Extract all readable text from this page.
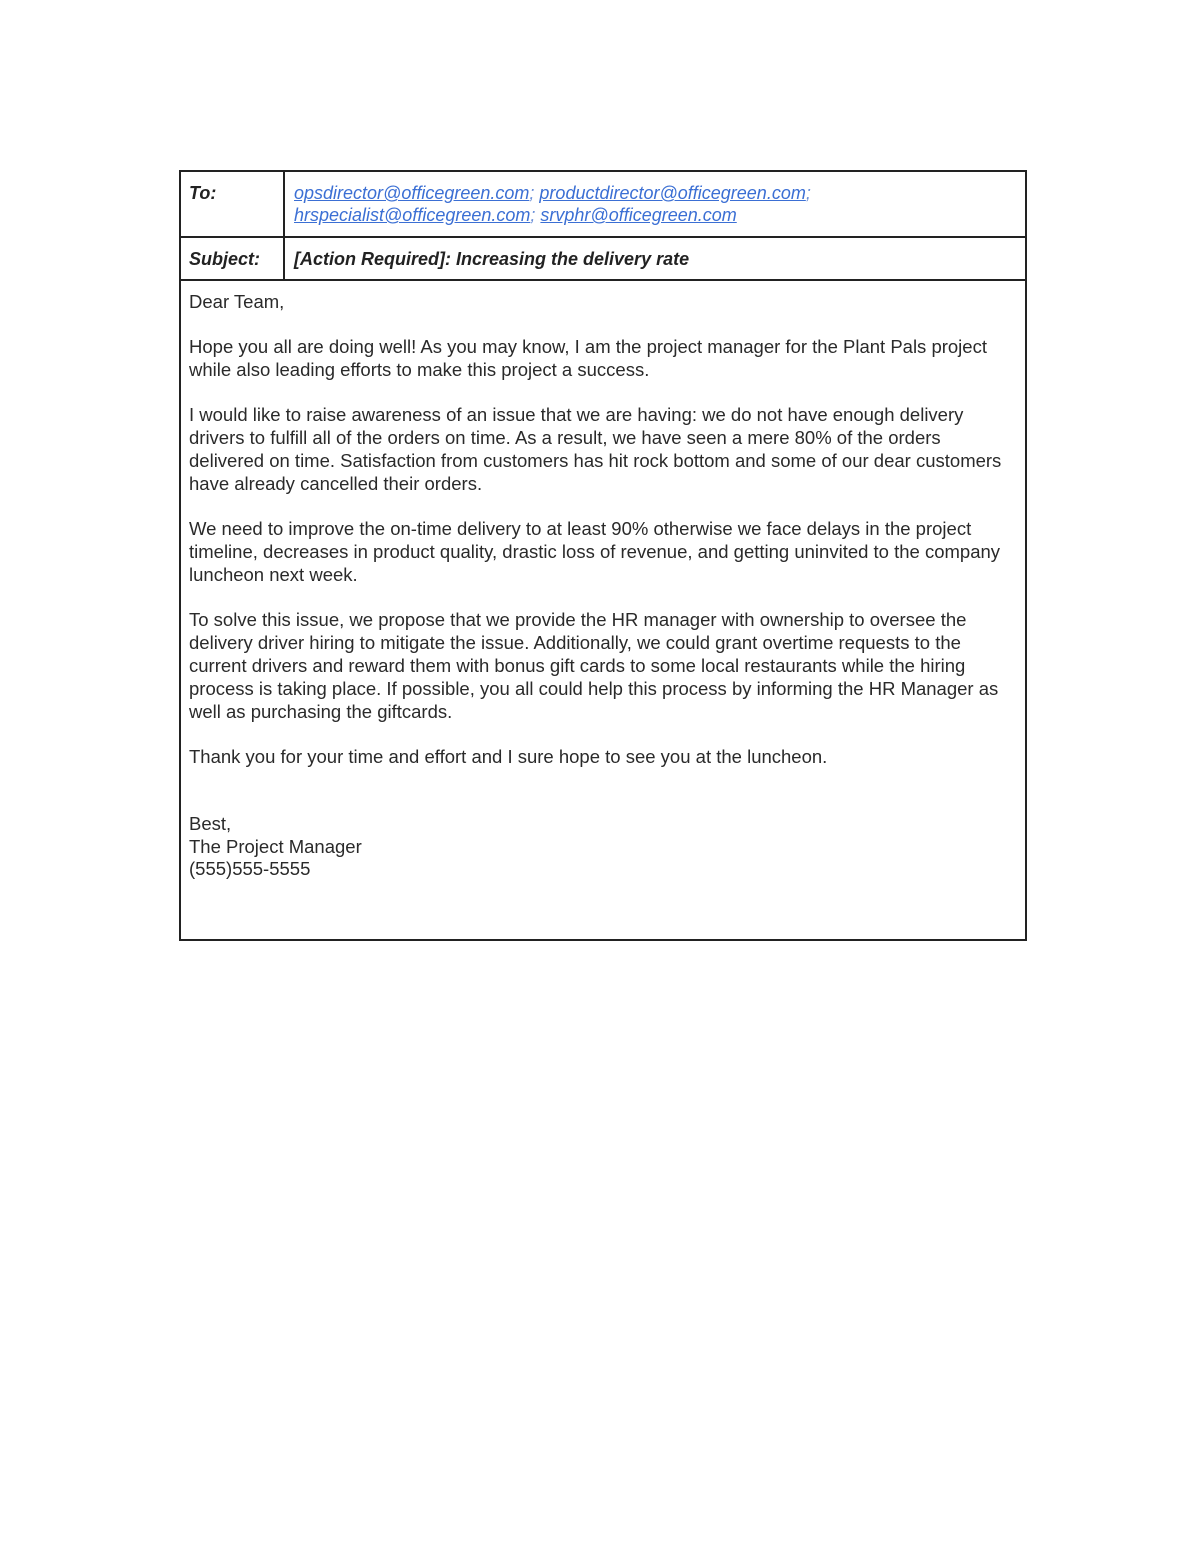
To:	opsdirector@officegreen.com; productdirector@officegreen.com;
hrspecialist@officegreen.com; srvphr@officegreen.com
Subject:	[Action Required]: Increasing the delivery rate

Dear Team,

Hope you all are doing well! As you may know, I am the project manager for the Plant Pals project while also leading efforts to make this project a success.

I would like to raise awareness of an issue that we are having: we do not have enough delivery drivers to fulfill all of the orders on time. As a result, we have seen a mere 80% of the orders delivered on time. Satisfaction from customers has hit rock bottom and some of our dear customers have already cancelled their orders.

We need to improve the on-time delivery to at least 90% otherwise we face delays in the project timeline, decreases in product quality, drastic loss of revenue, and getting uninvited to the company luncheon next week.

To solve this issue, we propose that we provide the HR manager with ownership to oversee the delivery driver hiring to mitigate the issue. Additionally, we could grant overtime requests to the current drivers and reward them with bonus gift cards to some local restaurants while the hiring process is taking place. If possible, you all could help this process by informing the HR Manager as well as purchasing the giftcards.

Thank you for your time and effort and I sure hope to see you at the luncheon.

Best,
The Project Manager
(555)555-5555
